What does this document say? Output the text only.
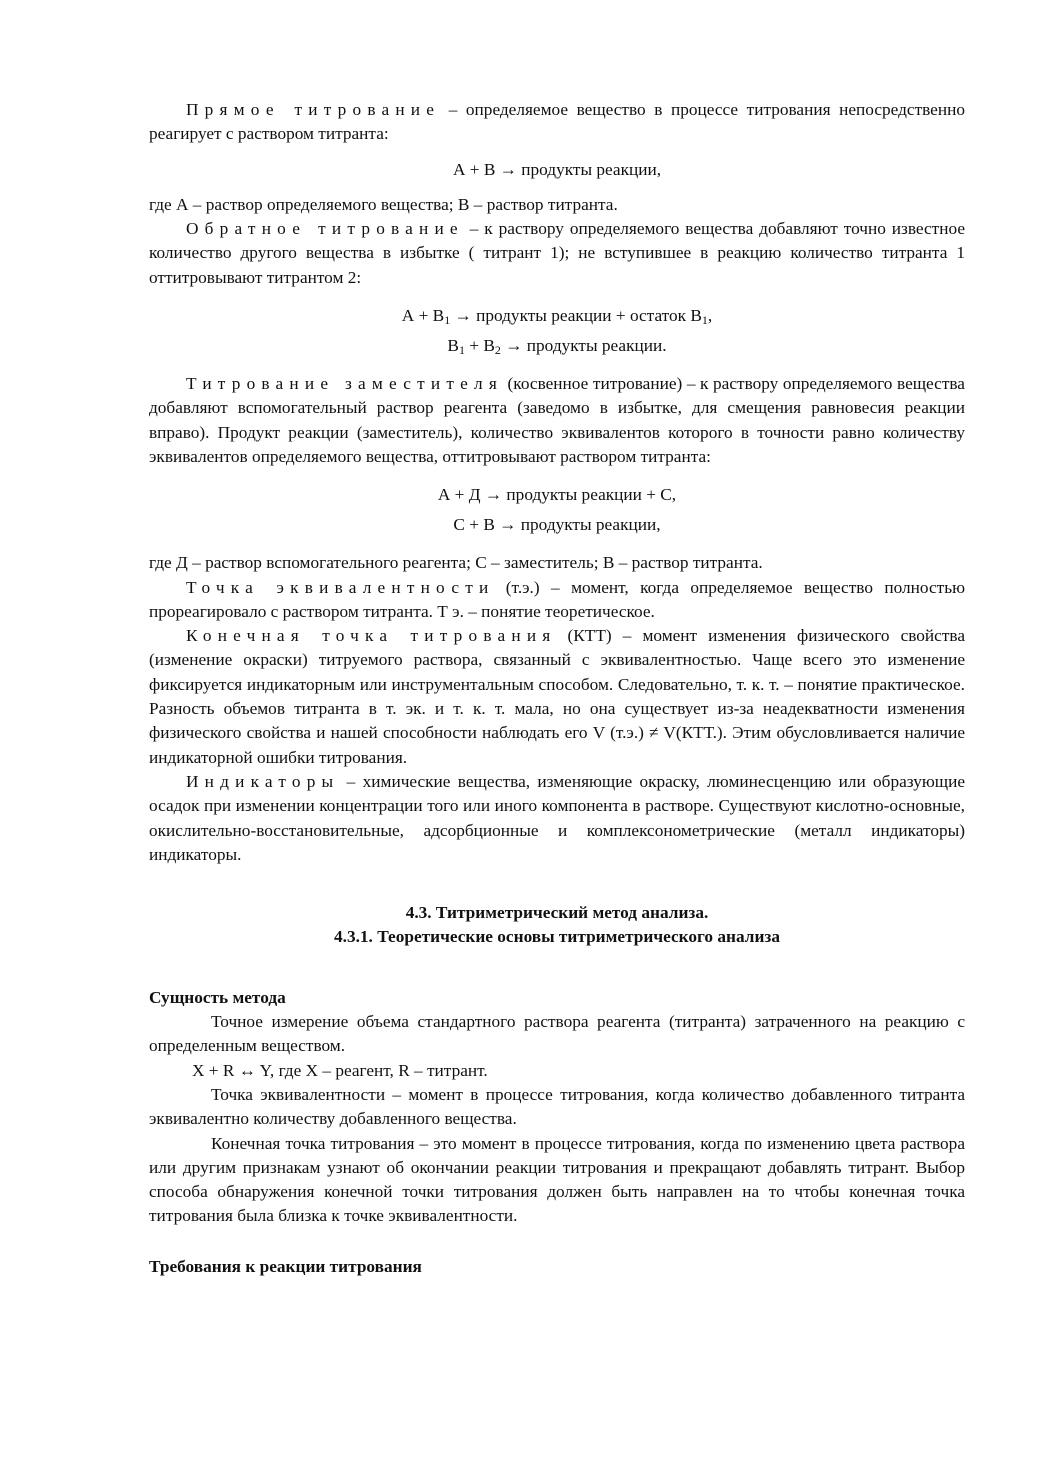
Прямое титрование – определяемое вещество в процессе титрования непосредственно реагирует с раствором титранта:

А + В → продукты реакции,

где А – раствор определяемого вещества; В – раствор титранта.

Обратное титрование – к раствору определяемого вещества добавляют точно известное количество другого вещества в избытке ( титрант 1); не вступившее в реакцию количество титранта 1 оттитровывают титрантом 2:

$А + В_1$ → продукты реакции + остаток $В_1$,

$В_1 + В_2$ → продукты реакции.

Титрование заместителя (косвенное титрование) – к раствору определяемого вещества добавляют вспомогательный раствор реагента (заведомо в избытке, для смещения равновесия реакции вправо). Продукт реакции (заместитель), количество эквивалентов которого в точности равно количеству эквивалентов определяемого вещества, оттитровывают раствором титранта:

А + Д → продукты реакции + С,

С + В → продукты реакции,

где Д – раствор вспомогательного реагента; С – заместитель; В – раствор титранта.

Точка эквивалентности (т.э.) – момент, когда определяемое вещество полностью прореагировало с раствором титранта. Т э. – понятие теоретическое.

Конечная точка титрования (КТТ) – момент изменения физического свойства (изменение окраски) титруемого раствора, связанный с эквивалентностью. Чаще всего это изменение фиксируется индикаторным или инструментальным способом. Следовательно, т. к. т. – понятие практическое. Разность объемов титранта в т. эк. и т. к. т. мала, но она существует из-за неадекватности изменения физического свойства и нашей способности наблюдать его V (т.э.) ≠ V(КТТ.). Этим обусловливается наличие индикаторной ошибки титрования.

Индикаторы – химические вещества, изменяющие окраску, люминесценцию или образующие осадок при изменении концентрации того или иного компонента в растворе. Существуют кислотно-основные, окислительно-восстановительные, адсорбционные и комплексонометрические (металл индикаторы) индикаторы.

4.3. Титриметрический метод анализа.

4.3.1. Теоретические основы титриметрического анализа

Сущность метода

Точное измерение объема стандартного раствора реагента (титранта) затраченного на реакцию с определенным веществом.

X + R ↔ Y, где X – реагент, R – титрант.

Точка эквивалентности – момент в процессе титрования, когда количество добавленного титранта эквивалентно количеству добавленного вещества.

Конечная точка титрования – это момент в процессе титрования, когда по изменению цвета раствора или другим признакам узнают об окончании реакции титрования и прекращают добавлять титрант. Выбор способа обнаружения конечной точки титрования должен быть направлен на то чтобы конечная точка титрования была близка к точке эквивалентности.

Требования к реакции титрования
